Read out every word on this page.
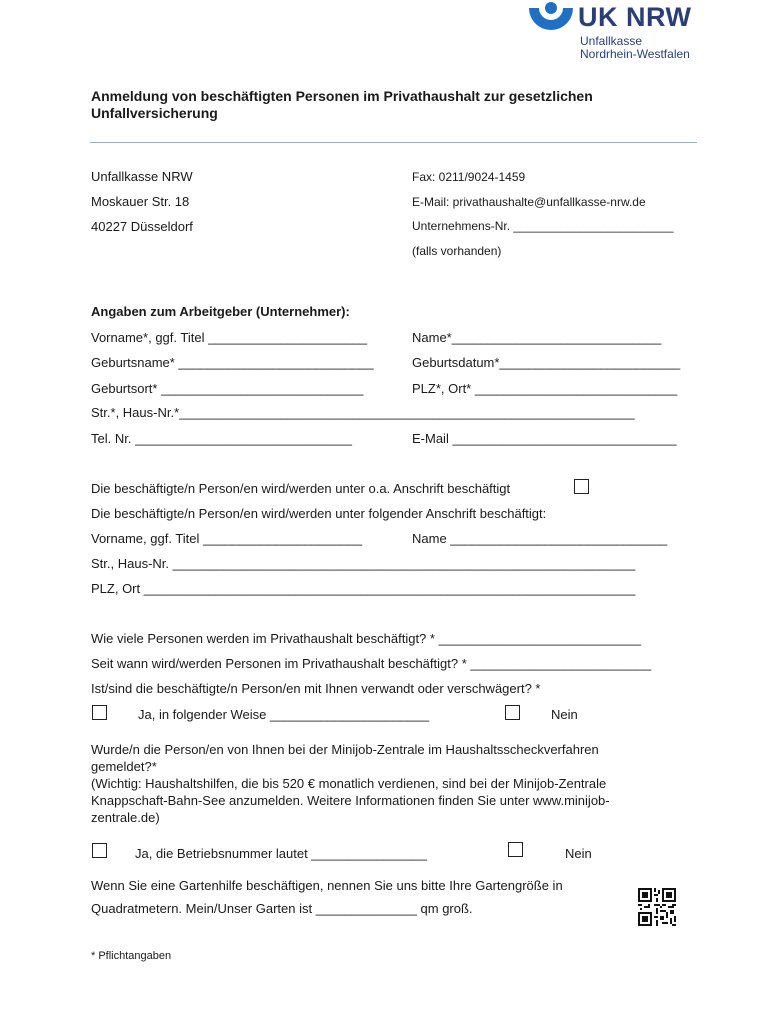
UK NRW
Unfallkasse
Nordrhein-Westfalen
Anmeldung von beschäftigten Personen im Privathaushalt zur gesetzlichen Unfallversicherung
Unfallkasse NRW
Moskauer Str. 18
40227 Düsseldorf
Fax: 0211/9024-1459
E-Mail: privathaushalte@unfallkasse-nrw.de
Unternehmens-Nr. ________________________
(falls vorhanden)
Angaben zum Arbeitgeber (Unternehmer):
Vorname*, ggf. Titel ______________________	Name*_____________________________
Geburtsname* ___________________________	Geburtsdatum*_________________________
Geburtsort* ____________________________	PLZ*, Ort* ____________________________
Str.*, Haus-Nr.*_______________________________________________________________
Tel. Nr. ______________________________	E-Mail _______________________________
Die beschäftigte/n Person/en wird/werden unter o.a. Anschrift beschäftigt
Die beschäftigte/n Person/en wird/werden unter folgender Anschrift beschäftigt:
Vorname, ggf. Titel ______________________	Name ______________________________
Str., Haus-Nr. ________________________________________________________________
PLZ, Ort ____________________________________________________________________
Wie viele Personen werden im Privathaushalt beschäftigt? * ____________________________
Seit wann wird/werden Personen im Privathaushalt beschäftigt? * _________________________
Ist/sind die beschäftigte/n Person/en mit Ihnen verwandt oder verschwägert? *
Ja, in folgender Weise ______________________	Nein
Wurde/n die Person/en von Ihnen bei der Minijob-Zentrale im Haushaltsscheckverfahren
gemeldet?*
(Wichtig: Haushaltshilfen, die bis 520 € monatlich verdienen, sind bei der Minijob-Zentrale
Knappschaft-Bahn-See anzumelden. Weitere Informationen finden Sie unter www.minijob-
zentrale.de)
Ja, die Betriebsnummer lautet ________________	Nein
Wenn Sie eine Gartenhilfe beschäftigen, nennen Sie uns bitte Ihre Gartengröße in
Quadratmetern. Mein/Unser Garten ist ______________ qm groß.
* Pflichtangaben
